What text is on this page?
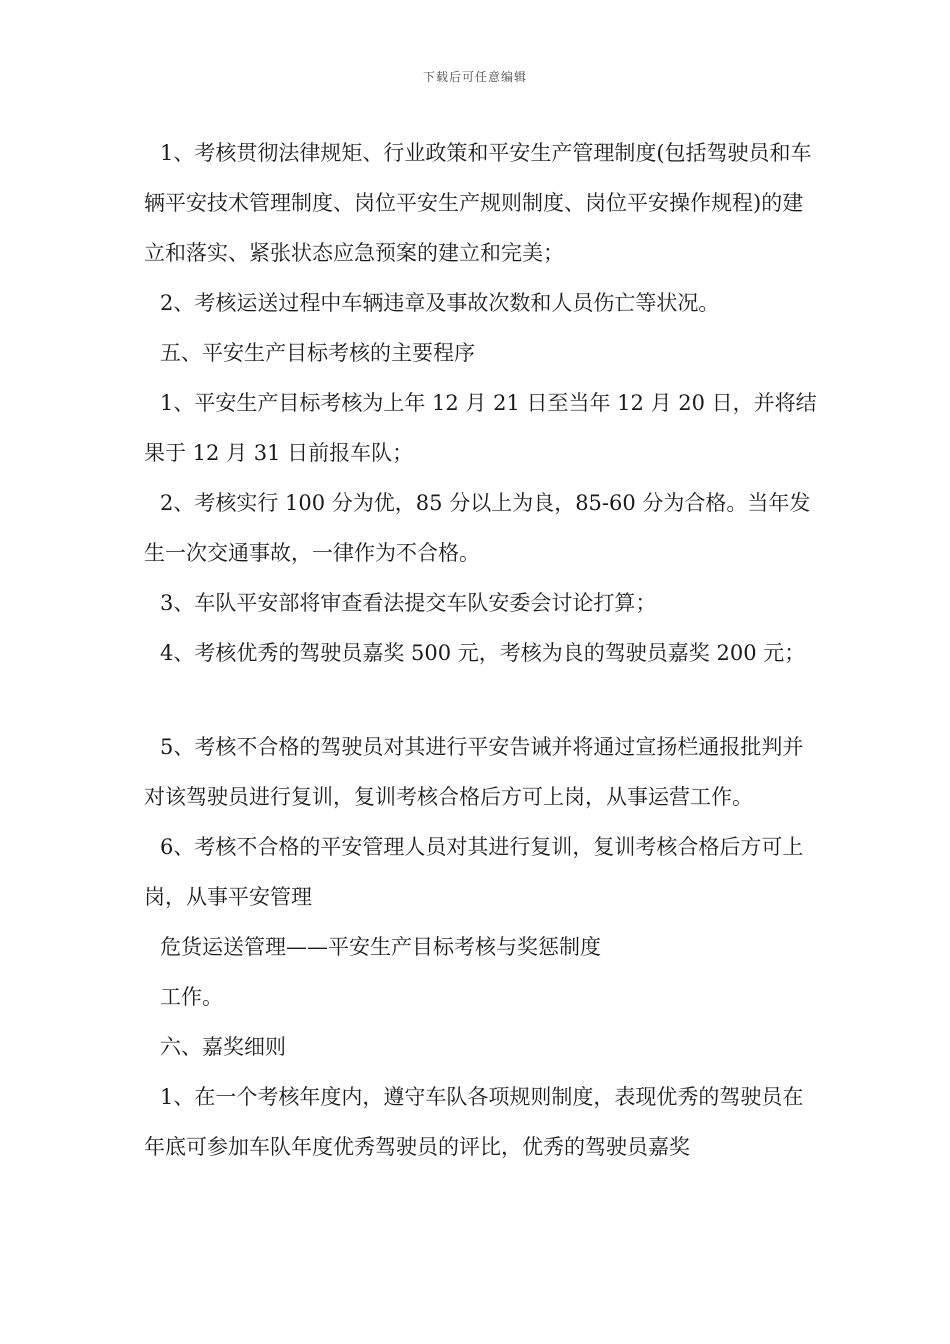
下载后可任意编辑

1、考核贯彻法律规矩、行业政策和平安生产管理制度(包括驾驶员和车辆平安技术管理制度、岗位平安生产规则制度、岗位平安操作规程)的建立和落实、紧张状态应急预案的建立和完美；

2、考核运送过程中车辆违章及事故次数和人员伤亡等状况。

五、平安生产目标考核的主要程序

1、平安生产目标考核为上年 12 月 21 日至当年 12 月 20 日，并将结果于 12 月 31 日前报车队；

2、考核实行 100 分为优，85 分以上为良，85-60 分为合格。当年发生一次交通事故，一律作为不合格。

3、车队平安部将审查看法提交车队安委会讨论打算；

4、考核优秀的驾驶员嘉奖 500 元，考核为良的驾驶员嘉奖 200 元；

5、考核不合格的驾驶员对其进行平安告诫并将通过宣扬栏通报批判并对该驾驶员进行复训，复训考核合格后方可上岗，从事运营工作。

6、考核不合格的平安管理人员对其进行复训，复训考核合格后方可上岗，从事平安管理

危货运送管理——平安生产目标考核与奖惩制度

工作。

六、嘉奖细则

1、在一个考核年度内，遵守车队各项规则制度，表现优秀的驾驶员在年底可参加车队年度优秀驾驶员的评比，优秀的驾驶员嘉奖
